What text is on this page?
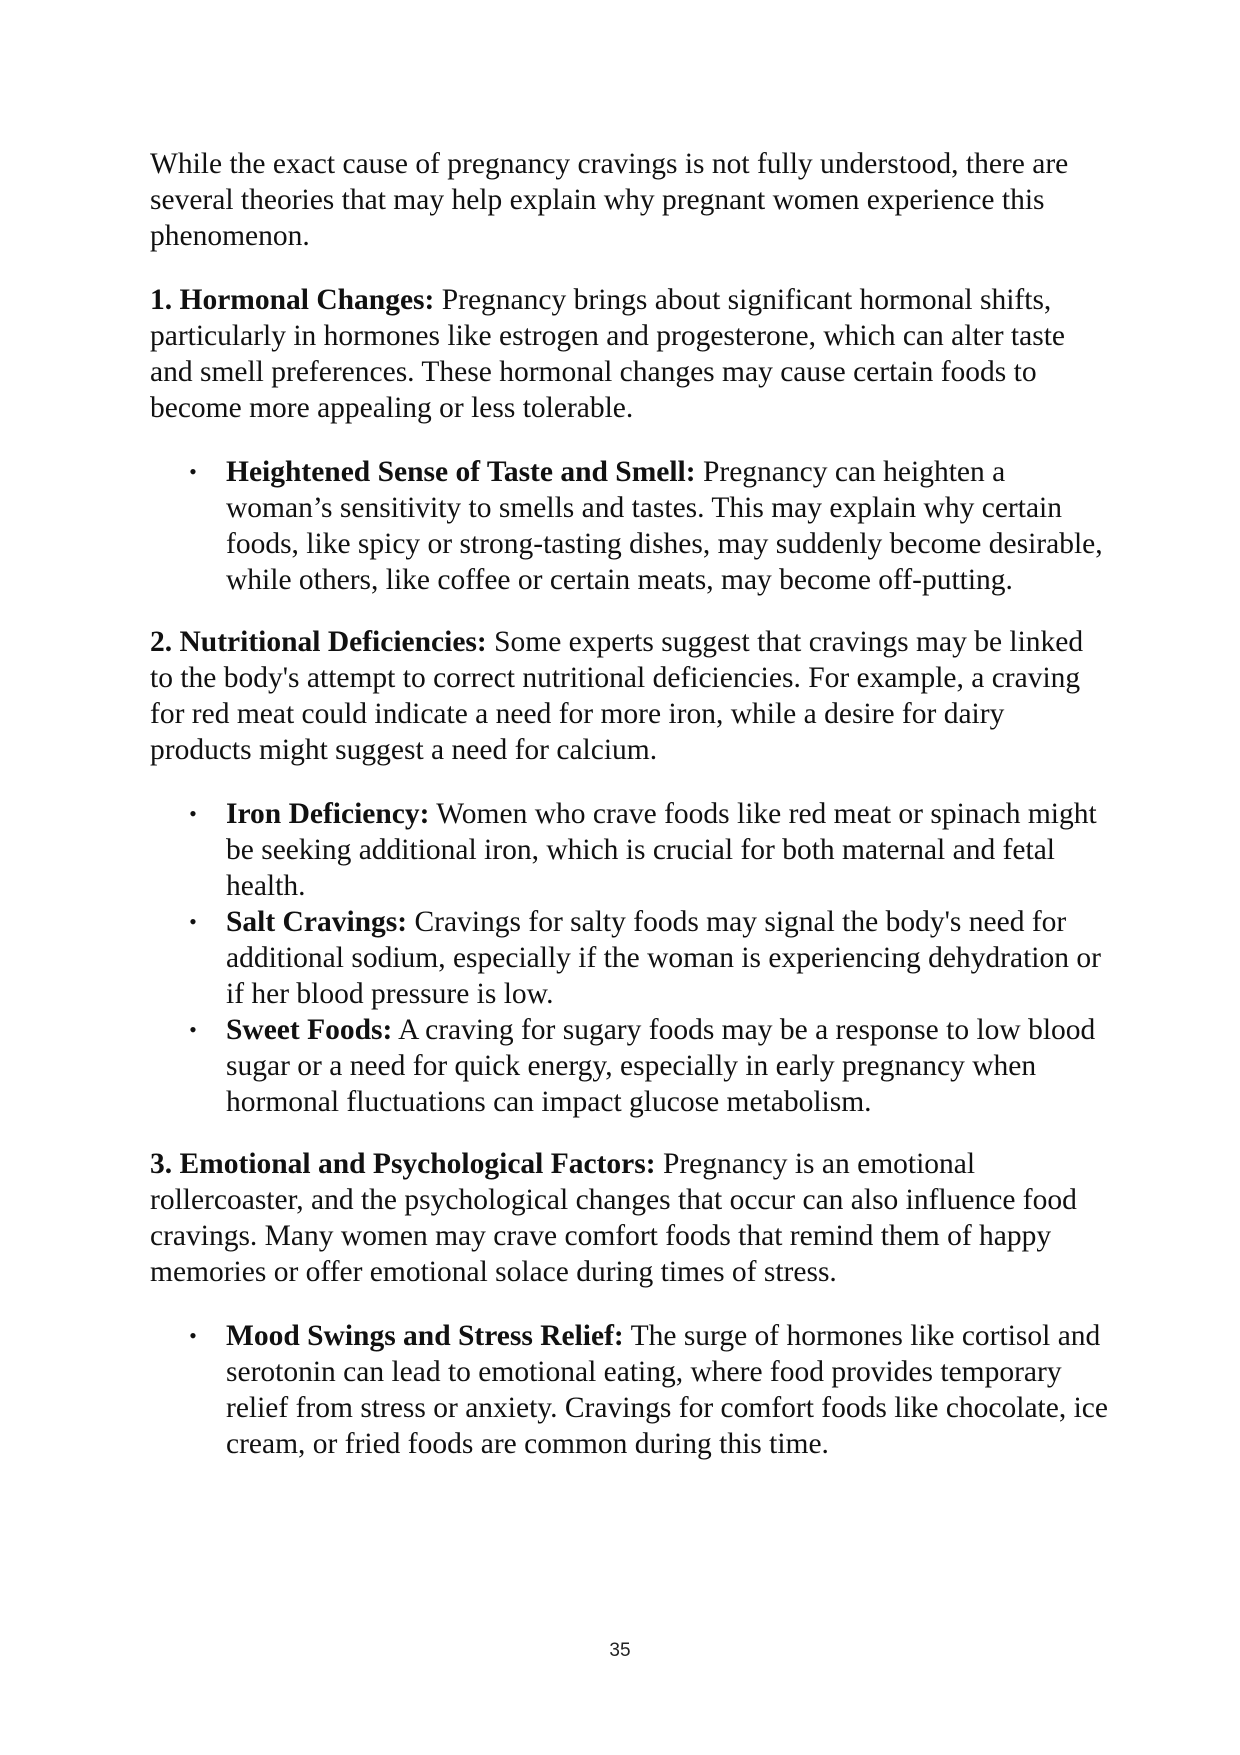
While the exact cause of pregnancy cravings is not fully understood, there are several theories that may help explain why pregnant women experience this phenomenon.

1. Hormonal Changes: Pregnancy brings about significant hormonal shifts, particularly in hormones like estrogen and progesterone, which can alter taste and smell preferences. These hormonal changes may cause certain foods to become more appealing or less tolerable.

• Heightened Sense of Taste and Smell: Pregnancy can heighten a woman’s sensitivity to smells and tastes. This may explain why certain foods, like spicy or strong-tasting dishes, may suddenly become desirable, while others, like coffee or certain meats, may become off-putting.

2. Nutritional Deficiencies: Some experts suggest that cravings may be linked to the body's attempt to correct nutritional deficiencies. For example, a craving for red meat could indicate a need for more iron, while a desire for dairy products might suggest a need for calcium.

• Iron Deficiency: Women who crave foods like red meat or spinach might be seeking additional iron, which is crucial for both maternal and fetal health.
• Salt Cravings: Cravings for salty foods may signal the body's need for additional sodium, especially if the woman is experiencing dehydration or if her blood pressure is low.
• Sweet Foods: A craving for sugary foods may be a response to low blood sugar or a need for quick energy, especially in early pregnancy when hormonal fluctuations can impact glucose metabolism.

3. Emotional and Psychological Factors: Pregnancy is an emotional rollercoaster, and the psychological changes that occur can also influence food cravings. Many women may crave comfort foods that remind them of happy memories or offer emotional solace during times of stress.

• Mood Swings and Stress Relief: The surge of hormones like cortisol and serotonin can lead to emotional eating, where food provides temporary relief from stress or anxiety. Cravings for comfort foods like chocolate, ice cream, or fried foods are common during this time.
35
